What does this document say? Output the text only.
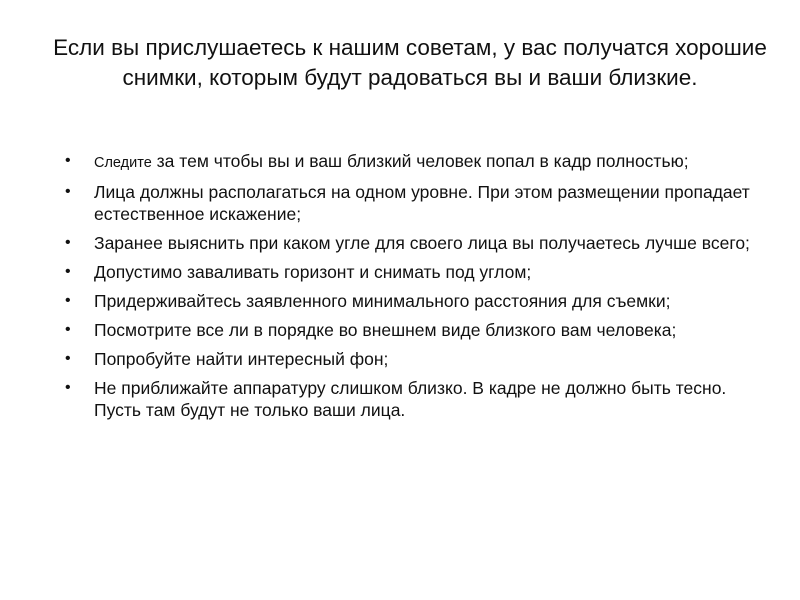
Если вы прислушаетесь к нашим советам, у вас получатся хорошие снимки, которым будут радоваться вы и ваши близкие.
• Следите за тем чтобы вы и ваш близкий человек попал в кадр полностью;
• Лица должны располагаться на одном уровне. При этом размещении пропадает естественное искажение;
• Заранее выяснить при каком угле для своего лица вы получаетесь лучше всего;
• Допустимо заваливать горизонт и снимать под углом;
• Придерживайтесь заявленного минимального расстояния для съемки;
• Посмотрите все ли в порядке во внешнем виде близкого вам человека;
• Попробуйте найти интересный фон;
• Не приближайте аппаратуру слишком близко. В кадре не должно быть тесно. Пусть там будут не только ваши лица.
